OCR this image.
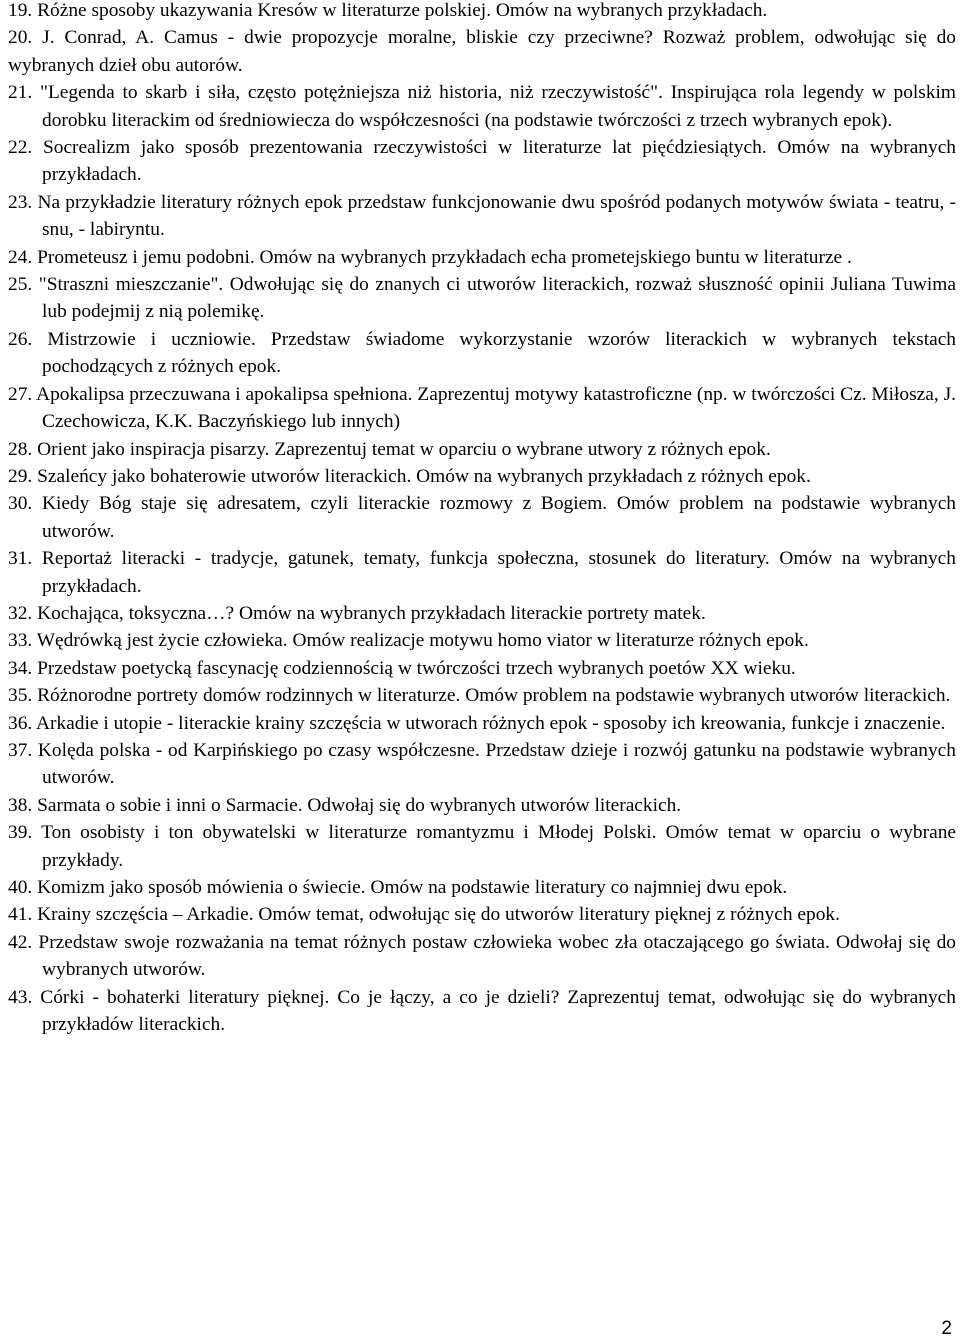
19. Różne sposoby ukazywania Kresów w literaturze polskiej. Omów na wybranych przykładach.

20. J. Conrad, A. Camus - dwie propozycje moralne, bliskie czy przeciwne? Rozważ problem, odwołując się do wybranych dzieł obu autorów.

21. "Legenda to skarb i siła, często potężniejsza niż historia, niż rzeczywistość". Inspirująca rola legendy w polskim dorobku literackim od średniowiecza do współczesności (na podstawie twórczości z trzech wybranych epok).

22. Socrealizm jako sposób prezentowania rzeczywistości w literaturze lat pięćdziesiątych. Omów na wybranych przykładach.

23. Na przykładzie literatury różnych epok przedstaw funkcjonowanie dwu spośród podanych motywów świata - teatru, - snu, - labiryntu.

24. Prometeusz i jemu podobni. Omów na wybranych przykładach echa prometejskiego buntu w literaturze .

25. "Straszni mieszczanie". Odwołując się do znanych ci utworów literackich, rozważ słuszność opinii Juliana Tuwima lub podejmij z nią polemikę.

26. Mistrzowie i uczniowie. Przedstaw świadome wykorzystanie wzorów literackich w wybranych tekstach pochodzących z różnych epok.

27. Apokalipsa przeczuwana i apokalipsa spełniona. Zaprezentuj motywy katastroficzne (np. w twórczości Cz. Miłosza, J. Czechowicza, K.K. Baczyńskiego lub innych)

28. Orient jako inspiracja pisarzy. Zaprezentuj temat w oparciu o wybrane utwory z różnych epok.

29. Szaleńcy jako bohaterowie utworów literackich. Omów na wybranych przykładach z różnych epok.

30. Kiedy Bóg staje się adresatem, czyli literackie rozmowy z Bogiem. Omów problem na podstawie wybranych utworów.

31. Reportaż literacki - tradycje, gatunek, tematy, funkcja społeczna, stosunek do literatury. Omów na wybranych przykładach.

32. Kochająca, toksyczna…? Omów na wybranych przykładach literackie portrety matek.

33. Wędrówką jest życie człowieka. Omów realizacje motywu homo viator w literaturze różnych epok.

34. Przedstaw poetycką fascynację codziennością w twórczości trzech wybranych poetów XX wieku.

35. Różnorodne portrety domów rodzinnych w literaturze. Omów problem na podstawie wybranych utworów literackich.

36. Arkadie i utopie - literackie krainy szczęścia w utworach różnych epok - sposoby ich kreowania, funkcje i znaczenie.

37. Kolęda polska - od Karpińskiego po czasy współczesne. Przedstaw dzieje i rozwój gatunku na podstawie wybranych utworów.

38. Sarmata o sobie i inni o Sarmacie. Odwołaj się do wybranych utworów literackich.

39. Ton osobisty i ton obywatelski w literaturze romantyzmu i Młodej Polski. Omów temat w oparciu o wybrane przykłady.

40. Komizm jako sposób mówienia o świecie. Omów na podstawie literatury co najmniej dwu epok.

41. Krainy szczęścia – Arkadie. Omów temat, odwołując się do utworów literatury pięknej z różnych epok.

42. Przedstaw swoje rozważania na temat różnych postaw człowieka wobec zła otaczającego go świata. Odwołaj się do wybranych utworów.

43. Córki - bohaterki literatury pięknej. Co je łączy, a co je dzieli? Zaprezentuj temat, odwołując się do wybranych przykładów literackich.

2
